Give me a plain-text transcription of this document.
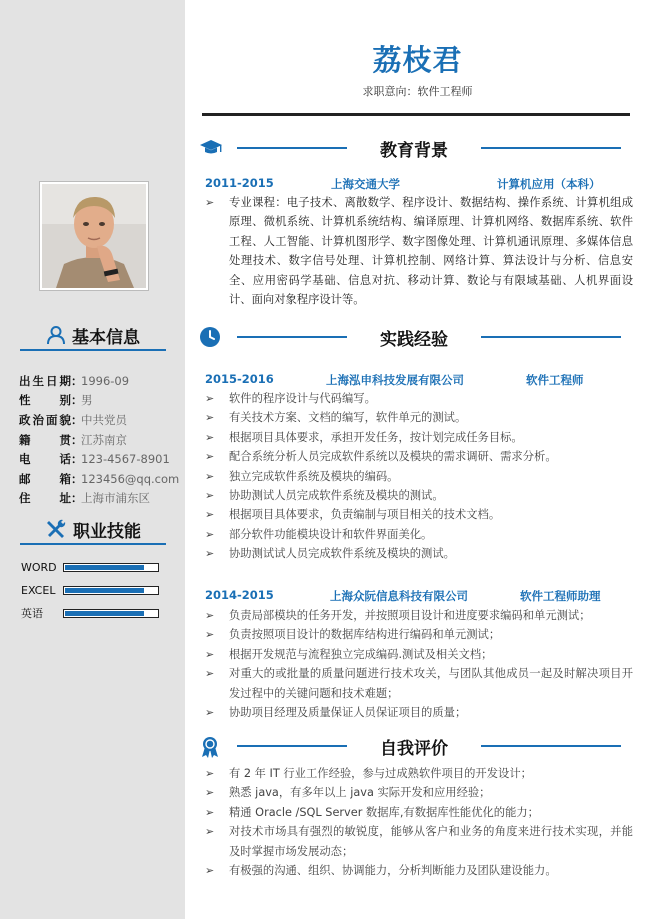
基本信息
出生日期 ：
1996-09
性别 ：
男
政治面貌 ：
中共党员
籍贯 ：
江苏南京
电话 ：
123-4567-8901
邮箱 ：
123456@qq.com
住址 ：
上海市浦东区
职业技能
WORD
EXCEL
英语
荔枝君
求职意向：软件工程师
教育背景
2011-2015	上海交通大学	计算机应用（本科）
➢	专业课程：电子技术、离散数学、程序设计、数据结构、操作系统、计算机组成原理、微机系统、计算机系统结构、编译原理、计算机网络、数据库系统、软件工程、人工智能、计算机图形学、数字图像处理、计算机通讯原理、多媒体信息处理技术、数字信号处理、计算机控制、网络计算、算法设计与分析、信息安全、应用密码学基础、信息对抗、移动计算、数论与有限域基础、人机界面设计、面向对象程序设计等。
实践经验
2015-2016	上海泓申科技发展有限公司	软件工程师
➢	软件的程序设计与代码编写。
➢	有关技术方案、文档的编写，软件单元的测试。
➢	根据项目具体要求，承担开发任务，按计划完成任务目标。
➢	配合系统分析人员完成软件系统以及模块的需求调研、需求分析。
➢	独立完成软件系统及模块的编码。
➢	协助测试人员完成软件系统及模块的测试。
➢	根据项目具体要求，负责编制与项目相关的技术文档。
➢	部分软件功能模块设计和软件界面美化。
➢	协助测试试人员完成软件系统及模块的测试。
2014-2015	上海众阮信息科技有限公司	软件工程师助理
➢	负责局部模块的任务开发，并按照项目设计和进度要求编码和单元测试；
➢	负责按照项目设计的数据库结构进行编码和单元测试；
➢	根据开发规范与流程独立完成编码.测试及相关文档；
➢	对重大的或批量的质量问题进行技术攻关，与团队其他成员一起及时解决项目开发过程中的关键问题和技术难题；
➢	协助项目经理及质量保证人员保证项目的质量；
自我评价
➢	有 2 年 IT 行业工作经验，参与过成熟软件项目的开发设计；
➢	熟悉 java，有多年以上 java 实际开发和应用经验；
➢	精通 Oracle /SQL Server 数据库,有数据库性能优化的能力；
➢	对技术市场具有强烈的敏锐度，能够从客户和业务的角度来进行技术实现，并能及时掌握市场发展动态；
➢	有极强的沟通、组织、协调能力，分析判断能力及团队建设能力。
